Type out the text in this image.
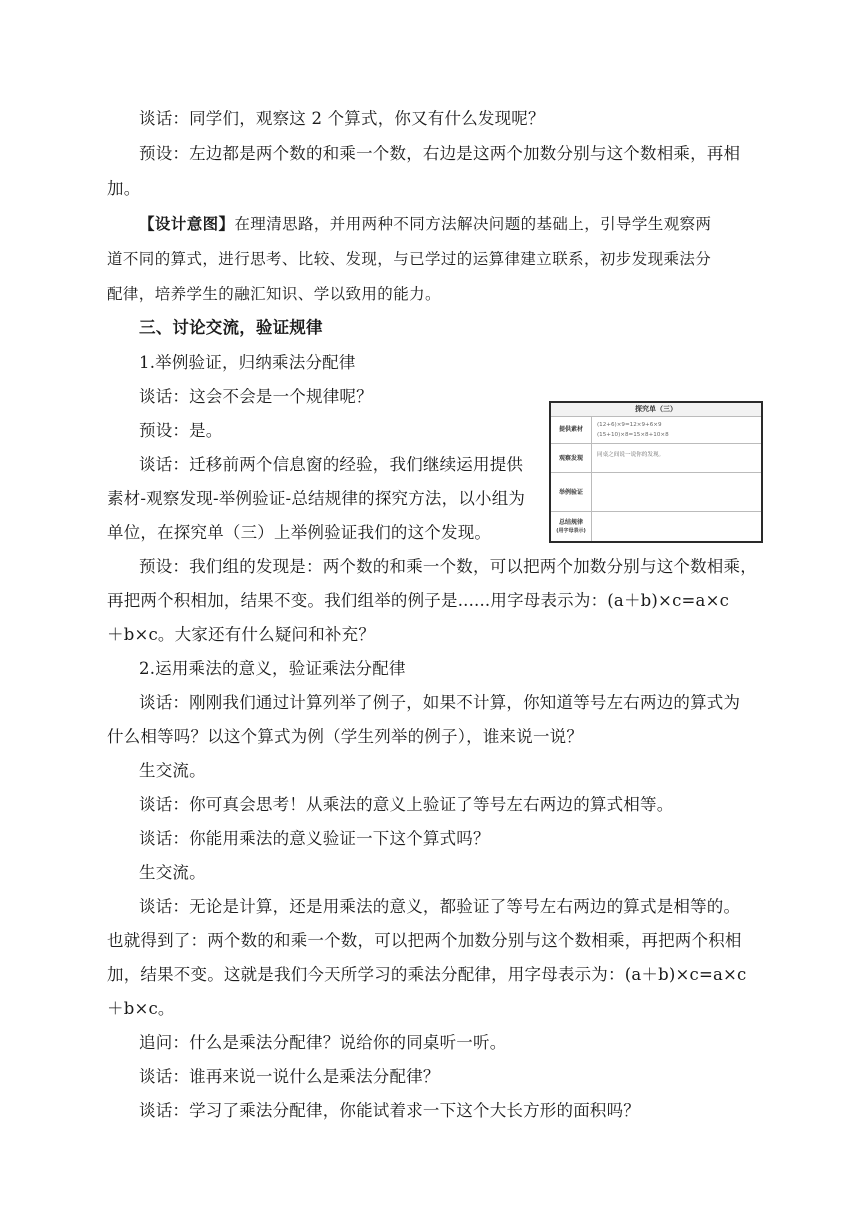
谈话：同学们，观察这 2 个算式，你又有什么发现呢？
预设：左边都是两个数的和乘一个数，右边是这两个加数分别与这个数相乘，再相
加。
【设计意图】在理清思路，并用两种不同方法解决问题的基础上，引导学生观察两
道不同的算式，进行思考、比较、发现，与已学过的运算律建立联系，初步发现乘法分
配律，培养学生的融汇知识、学以致用的能力。
三、讨论交流，验证规律
1.举例验证，归纳乘法分配律
谈话：这会不会是一个规律呢？
预设：是。
谈话：迁移前两个信息窗的经验，我们继续运用提供
素材-观察发现-举例验证-总结规律的探究方法，以小组为
单位，在探究单（三）上举例验证我们的这个发现。
探究单（三）
提供素材
(12+6)×9=12×9+6×9
(15+10)×8=15×8+10×8
观察发现	同桌之间说一说你的发现。
举例验证
总结规律
(用字母表示)
预设：我们组的发现是：两个数的和乘一个数，可以把两个加数分别与这个数相乘，
再把两个积相加，结果不变。我们组举的例子是......用字母表示为：(a＋b)×c=a×c
＋b×c。大家还有什么疑问和补充？
2.运用乘法的意义，验证乘法分配律
谈话：刚刚我们通过计算列举了例子，如果不计算，你知道等号左右两边的算式为
什么相等吗？以这个算式为例（学生列举的例子），谁来说一说？
生交流。
谈话：你可真会思考！从乘法的意义上验证了等号左右两边的算式相等。
谈话：你能用乘法的意义验证一下这个算式吗？
生交流。
谈话：无论是计算，还是用乘法的意义，都验证了等号左右两边的算式是相等的。
也就得到了：两个数的和乘一个数，可以把两个加数分别与这个数相乘，再把两个积相
加，结果不变。这就是我们今天所学习的乘法分配律，用字母表示为：(a＋b)×c=a×c
＋b×c。
追问：什么是乘法分配律？说给你的同桌听一听。
谈话：谁再来说一说什么是乘法分配律？
谈话：学习了乘法分配律，你能试着求一下这个大长方形的面积吗？
